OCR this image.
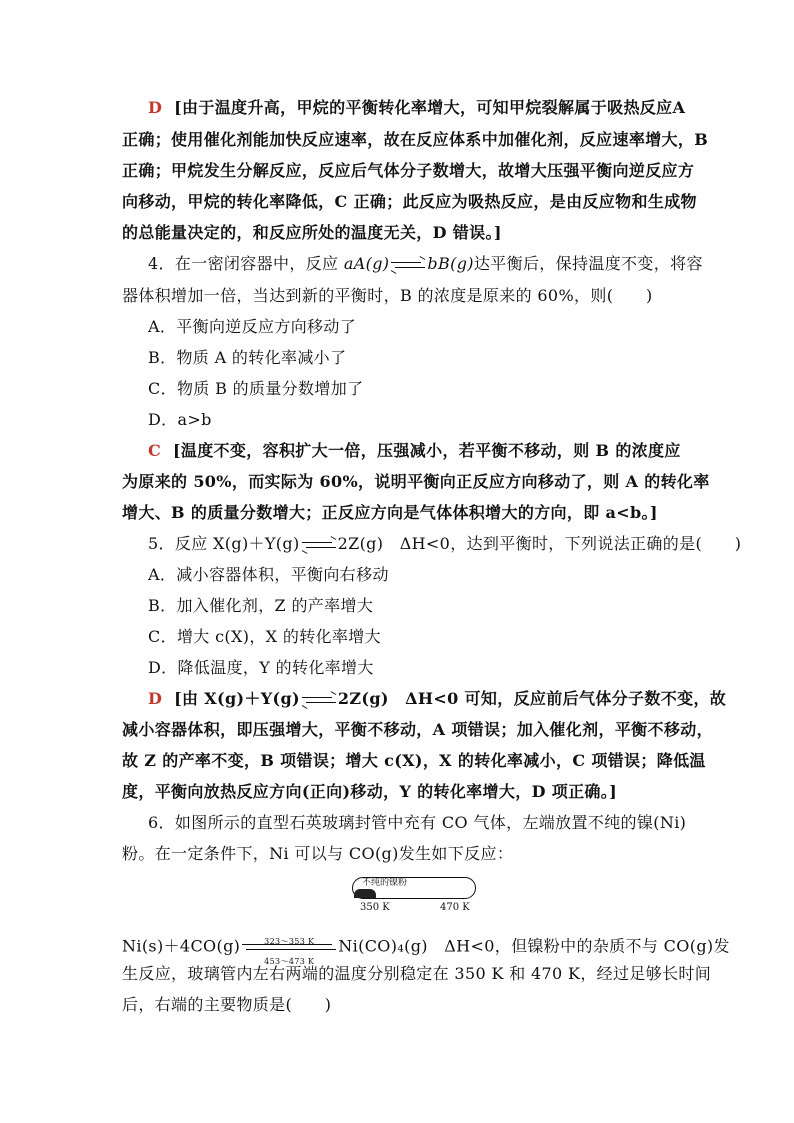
D [由于温度升高，甲烷的平衡转化率增大，可知甲烷裂解属于吸热反应A
正确；使用催化剂能加快反应速率，故在反应体系中加催化剂，反应速率增大，B
正确；甲烷发生分解反应，反应后气体分子数增大，故增大压强平衡向逆反应方
向移动，甲烷的转化率降低，C 正确；此反应为吸热反应，是由反应物和生成物
的总能量决定的，和反应所处的温度无关，D 错误。]
4．在一密闭容器中，反应 aA(g) bB(g)达平衡后，保持温度不变，将容
器体积增加一倍，当达到新的平衡时，B 的浓度是原来的 60%，则(　　)
A．平衡向逆反应方向移动了
B．物质 A 的转化率减小了
C．物质 B 的质量分数增加了
D．a>b
C [温度不变，容积扩大一倍，压强减小，若平衡不移动，则 B 的浓度应
为原来的 50%，而实际为 60%，说明平衡向正反应方向移动了，则 A 的转化率
增大、B 的质量分数增大；正反应方向是气体体积增大的方向，即 a<b。]
5．反应 X(g)＋Y(g) 2Z(g)　ΔH<0，达到平衡时，下列说法正确的是(　　)
A．减小容器体积，平衡向右移动
B．加入催化剂，Z 的产率增大
C．增大 c(X)，X 的转化率增大
D．降低温度，Y 的转化率增大
D [由 X(g)＋Y(g) 2Z(g)　ΔH<0 可知，反应前后气体分子数不变，故
减小容器体积，即压强增大，平衡不移动，A 项错误；加入催化剂，平衡不移动，
故 Z 的产率不变，B 项错误；增大 c(X)，X 的转化率减小，C 项错误；降低温
度，平衡向放热反应方向(正向)移动，Y 的转化率增大，D 项正确。]
6．如图所示的直型石英玻璃封管中充有 CO 气体，左端放置不纯的镍(Ni)
粉。在一定条件下，Ni 可以与 CO(g)发生如下反应：
不纯的镍粉
350 K	470 K
$Ni(s)+4CO(g) \frac{323\sim 353 K}{453\sim 473 K} Ni(CO)_4(g)$　ΔH<0，但镍粉中的杂质不与 CO(g)发
生反应，玻璃管内左右两端的温度分别稳定在 350 K 和 470 K，经过足够长时间
后，右端的主要物质是(　　)
